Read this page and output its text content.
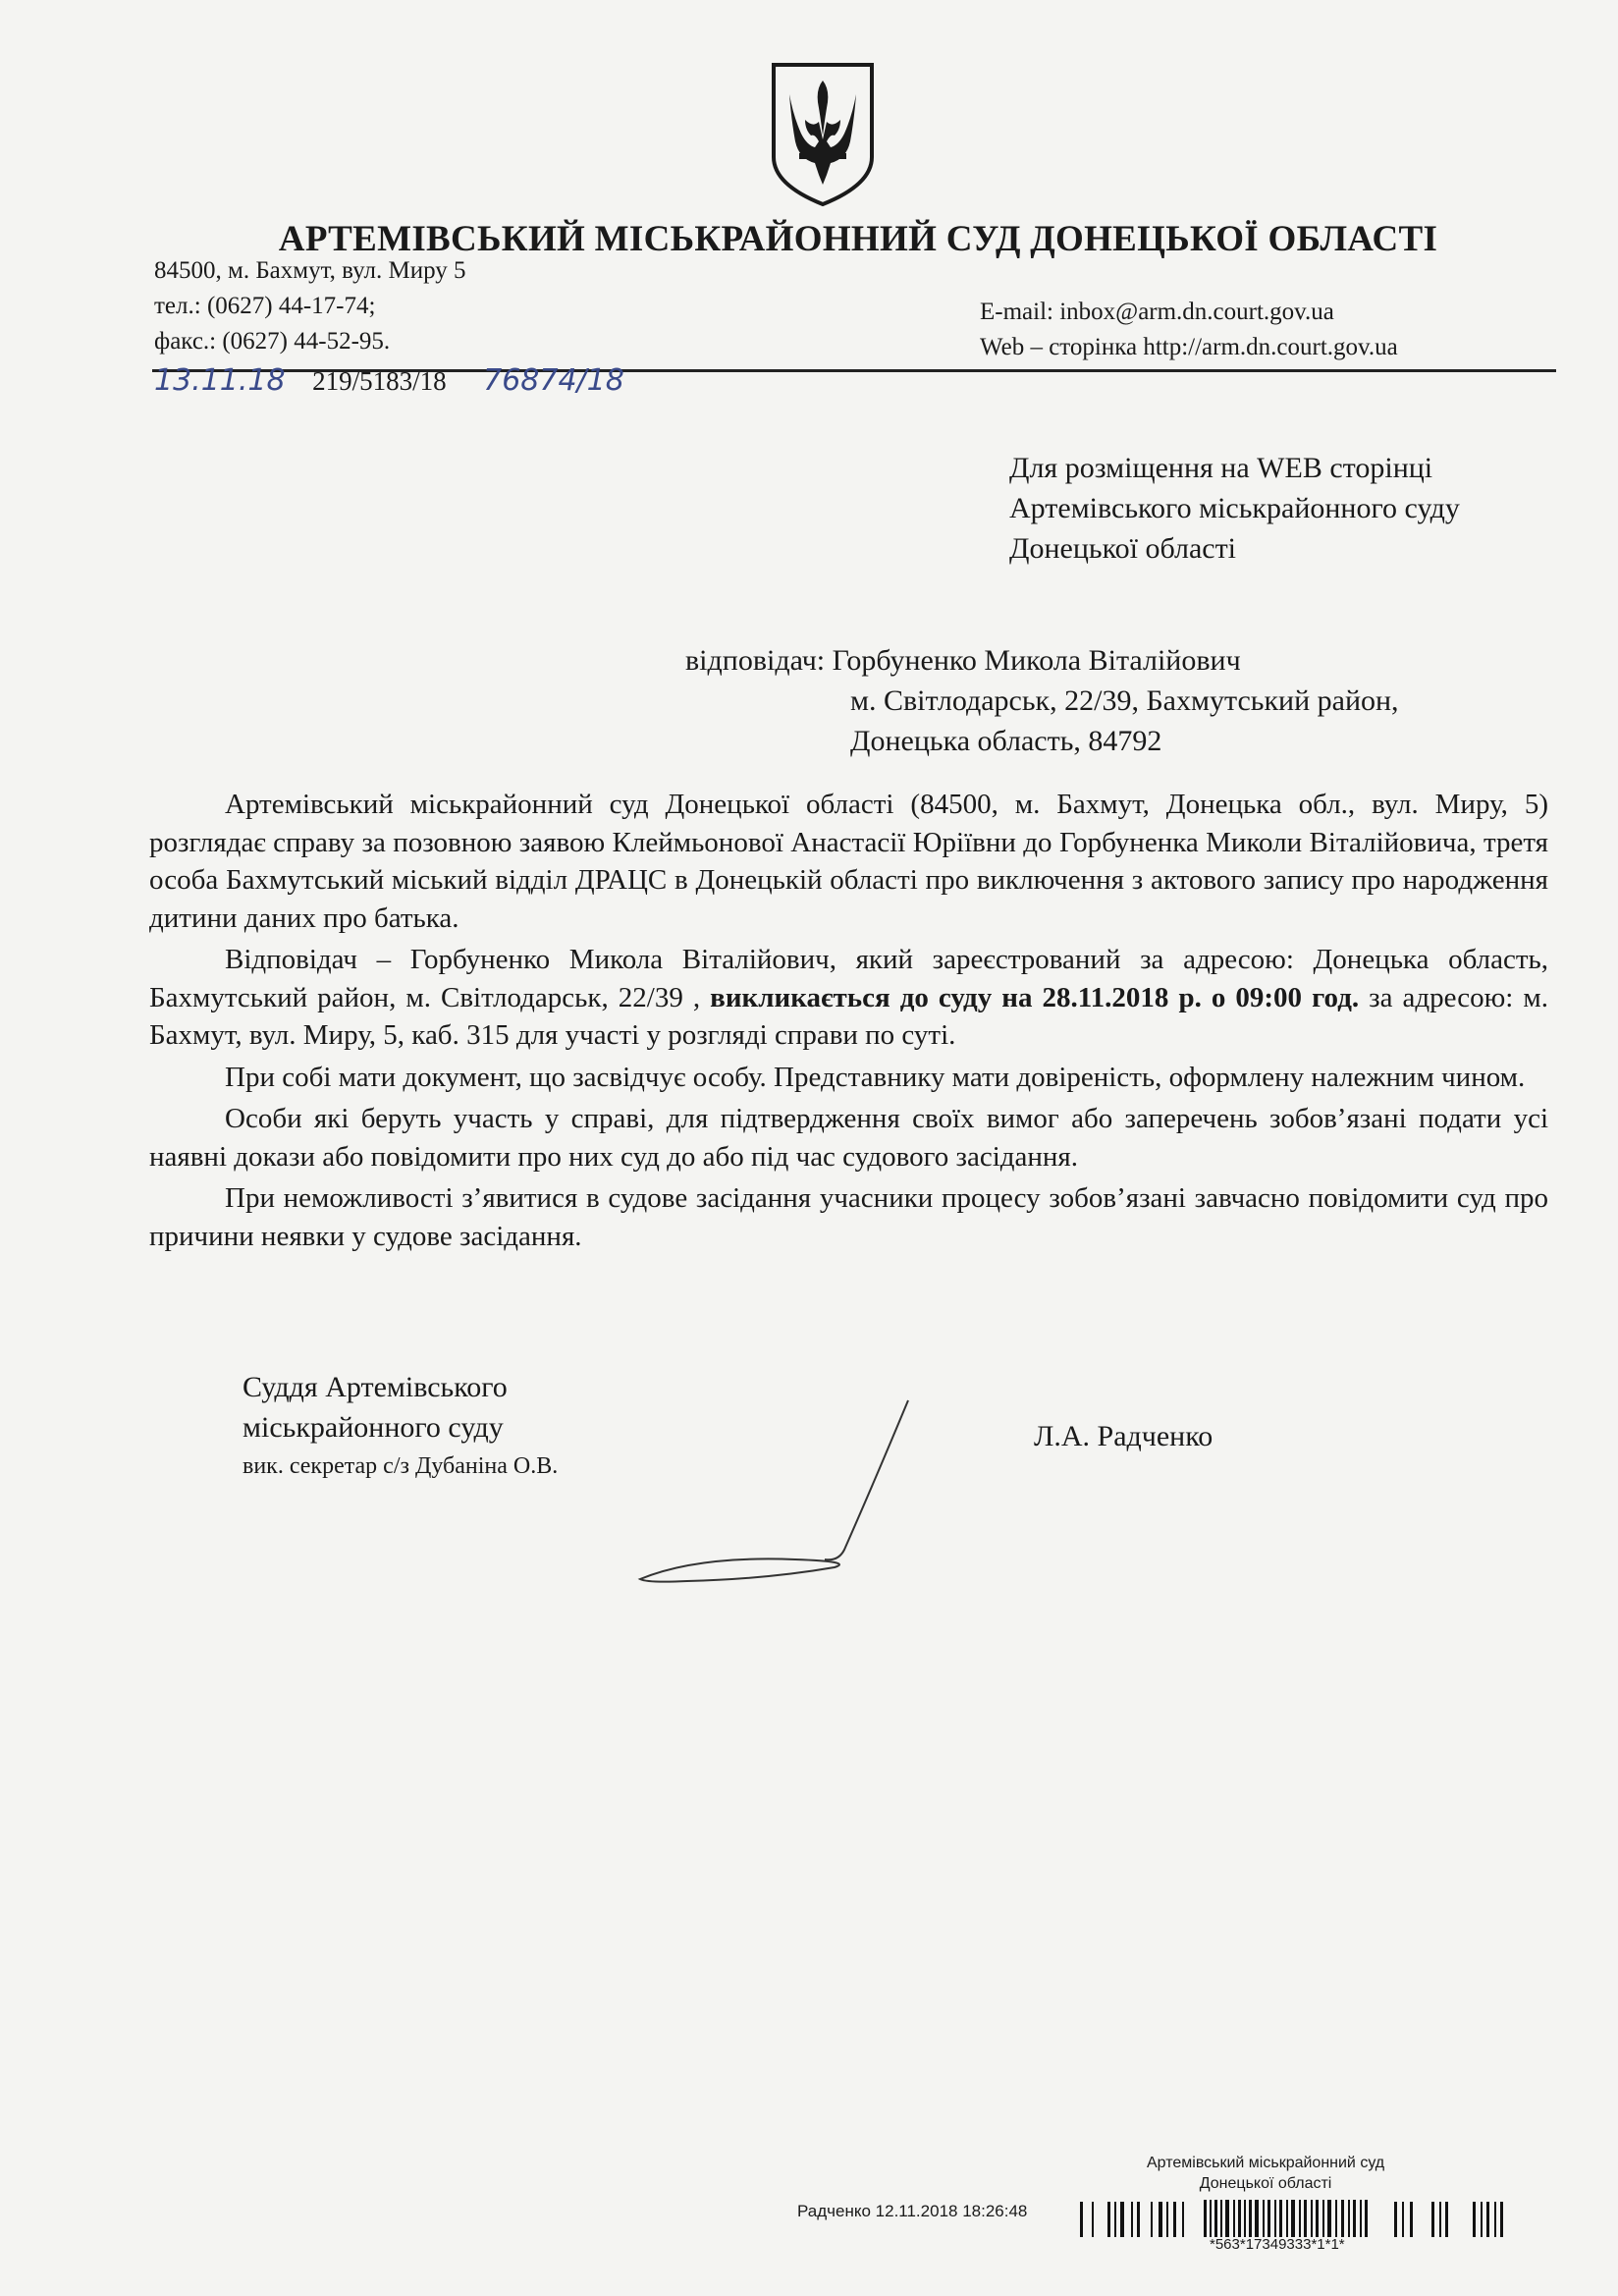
АРТЕМІВСЬКИЙ МІСЬКРАЙОННИЙ СУД ДОНЕЦЬКОЇ ОБЛАСТІ
84500, м. Бахмут, вул. Миру 5
тел.: (0627) 44-17-74;
факс.: (0627) 44-52-95.
E-mail: inbox@arm.dn.court.gov.ua
Web – сторінка http://arm.dn.court.gov.ua
13.11.18 219/5183/18 76874/18
Для розміщення на WEB сторінці
Артемівського міськрайонного суду
Донецької області
відповідач: Горбуненко Микола Віталійович
м. Світлодарськ, 22/39, Бахмутський район,
Донецька область, 84792

Артемівський міськрайонний суд Донецької області (84500, м. Бахмут, Донецька обл., вул. Миру, 5) розглядає справу за позовною заявою Клеймьонової Анастасії Юріївни до Горбуненка Миколи Віталійовича, третя особа Бахмутський міський відділ ДРАЦС в Донецькій області про виключення з актового запису про народження дитини даних про батька.

Відповідач – Горбуненко Микола Віталійович, який зареєстрований за адресою: Донецька область, Бахмутський район, м. Світлодарськ, 22/39 , викликається до суду на 28.11.2018 р. о 09:00 год. за адресою: м. Бахмут, вул. Миру, 5, каб. 315 для участі у розгляді справи по суті.

При собі мати документ, що засвідчує особу. Представнику мати довіреність, оформлену належним чином.

Особи які беруть участь у справі, для підтвердження своїх вимог або заперечень зобов’язані подати усі наявні докази або повідомити про них суд до або під час судового засідання.

При неможливості з’явитися в судове засідання учасники процесу зобов’язані завчасно повідомити суд про причини неявки у судове засідання.

Суддя Артемівського
міськрайонного суду
вик. секретар с/з Дубаніна О.В.
Л.А. Радченко
Артемівський міськрайонний суд
Донецької області
Радченко 12.11.2018 18:26:48
*563*17349333*1*1*
